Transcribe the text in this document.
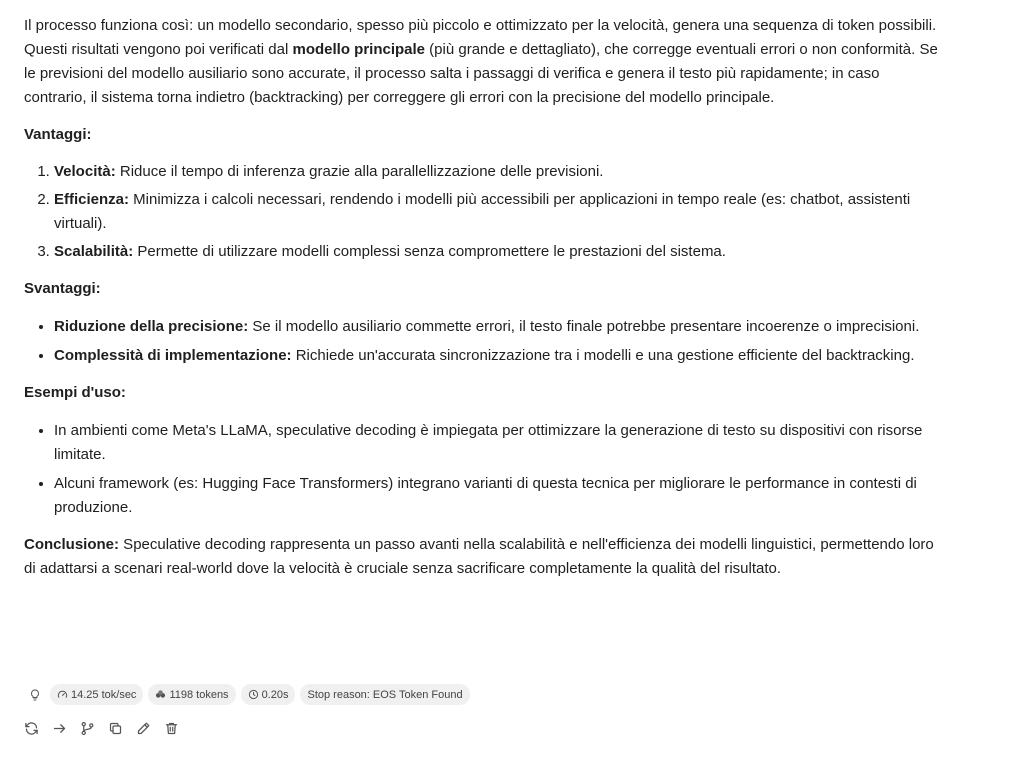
Il processo funziona così: un modello secondario, spesso più piccolo e ottimizzato per la velocità, genera una sequenza di token possibili. Questi risultati vengono poi verificati dal modello principale (più grande e dettagliato), che corregge eventuali errori o non conformità. Se le previsioni del modello ausiliario sono accurate, il processo salta i passaggi di verifica e genera il testo più rapidamente; in caso contrario, il sistema torna indietro (backtracking) per correggere gli errori con la precisione del modello principale.

Vantaggi:

1. Velocità: Riduce il tempo di inferenza grazie alla parallellizzazione delle previsioni.
2. Efficienza: Minimizza i calcoli necessari, rendendo i modelli più accessibili per applicazioni in tempo reale (es: chatbot, assistenti virtuali).
3. Scalabilità: Permette di utilizzare modelli complessi senza compromettere le prestazioni del sistema.

Svantaggi:

• Riduzione della precisione: Se il modello ausiliario commette errori, il testo finale potrebbe presentare incoerenze o imprecisioni.
• Complessità di implementazione: Richiede un'accurata sincronizzazione tra i modelli e una gestione efficiente del backtracking.

Esempi d'uso:

• In ambienti come Meta's LLaMA, speculative decoding è impiegata per ottimizzare la generazione di testo su dispositivi con risorse limitate.
• Alcuni framework (es: Hugging Face Transformers) integrano varianti di questa tecnica per migliorare le performance in contesti di produzione.

Conclusione: Speculative decoding rappresenta un passo avanti nella scalabilità e nell'efficienza dei modelli linguistici, permettendo loro di adattarsi a scenari real-world dove la velocità è cruciale senza sacrificare completamente la qualità del risultato.

14.25 tok/sec	1198 tokens	0.20s Stop reason: EOS Token Found
